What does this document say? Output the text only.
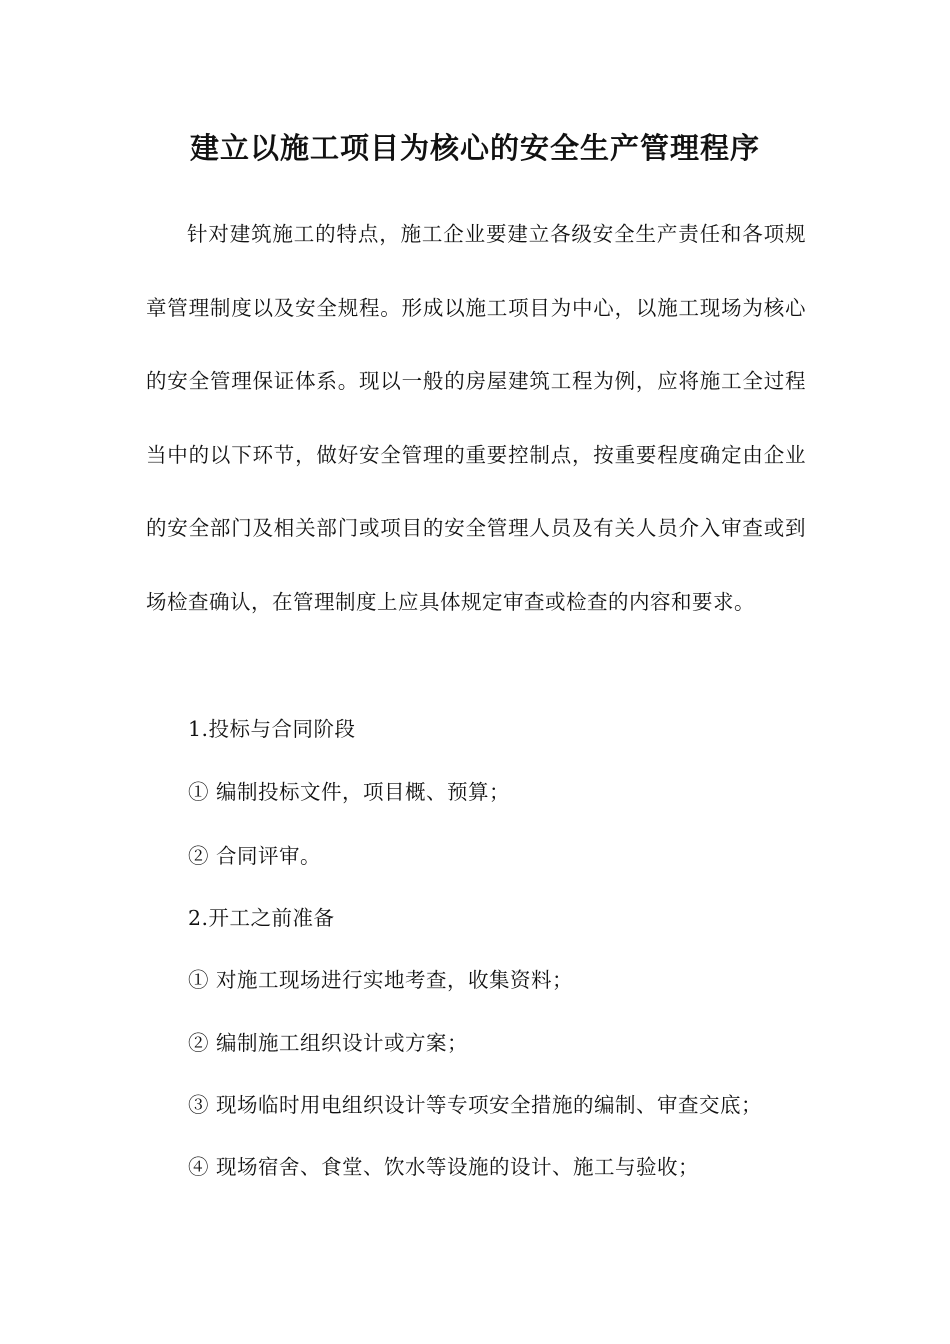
建立以施工项目为核心的安全生产管理程序

针对建筑施工的特点，施工企业要建立各级安全生产责任和各项规章管理制度以及安全规程。形成以施工项目为中心，以施工现场为核心的安全管理保证体系。现以一般的房屋建筑工程为例，应将施工全过程当中的以下环节，做好安全管理的重要控制点，按重要程度确定由企业的安全部门及相关部门或项目的安全管理人员及有关人员介入审查或到场检查确认，在管理制度上应具体规定审查或检查的内容和要求。

1.投标与合同阶段

① 编制投标文件，项目概、预算；

② 合同评审。

2.开工之前准备

① 对施工现场进行实地考查，收集资料；

② 编制施工组织设计或方案；

③ 现场临时用电组织设计等专项安全措施的编制、审查交底；

④ 现场宿舍、食堂、饮水等设施的设计、施工与验收；
